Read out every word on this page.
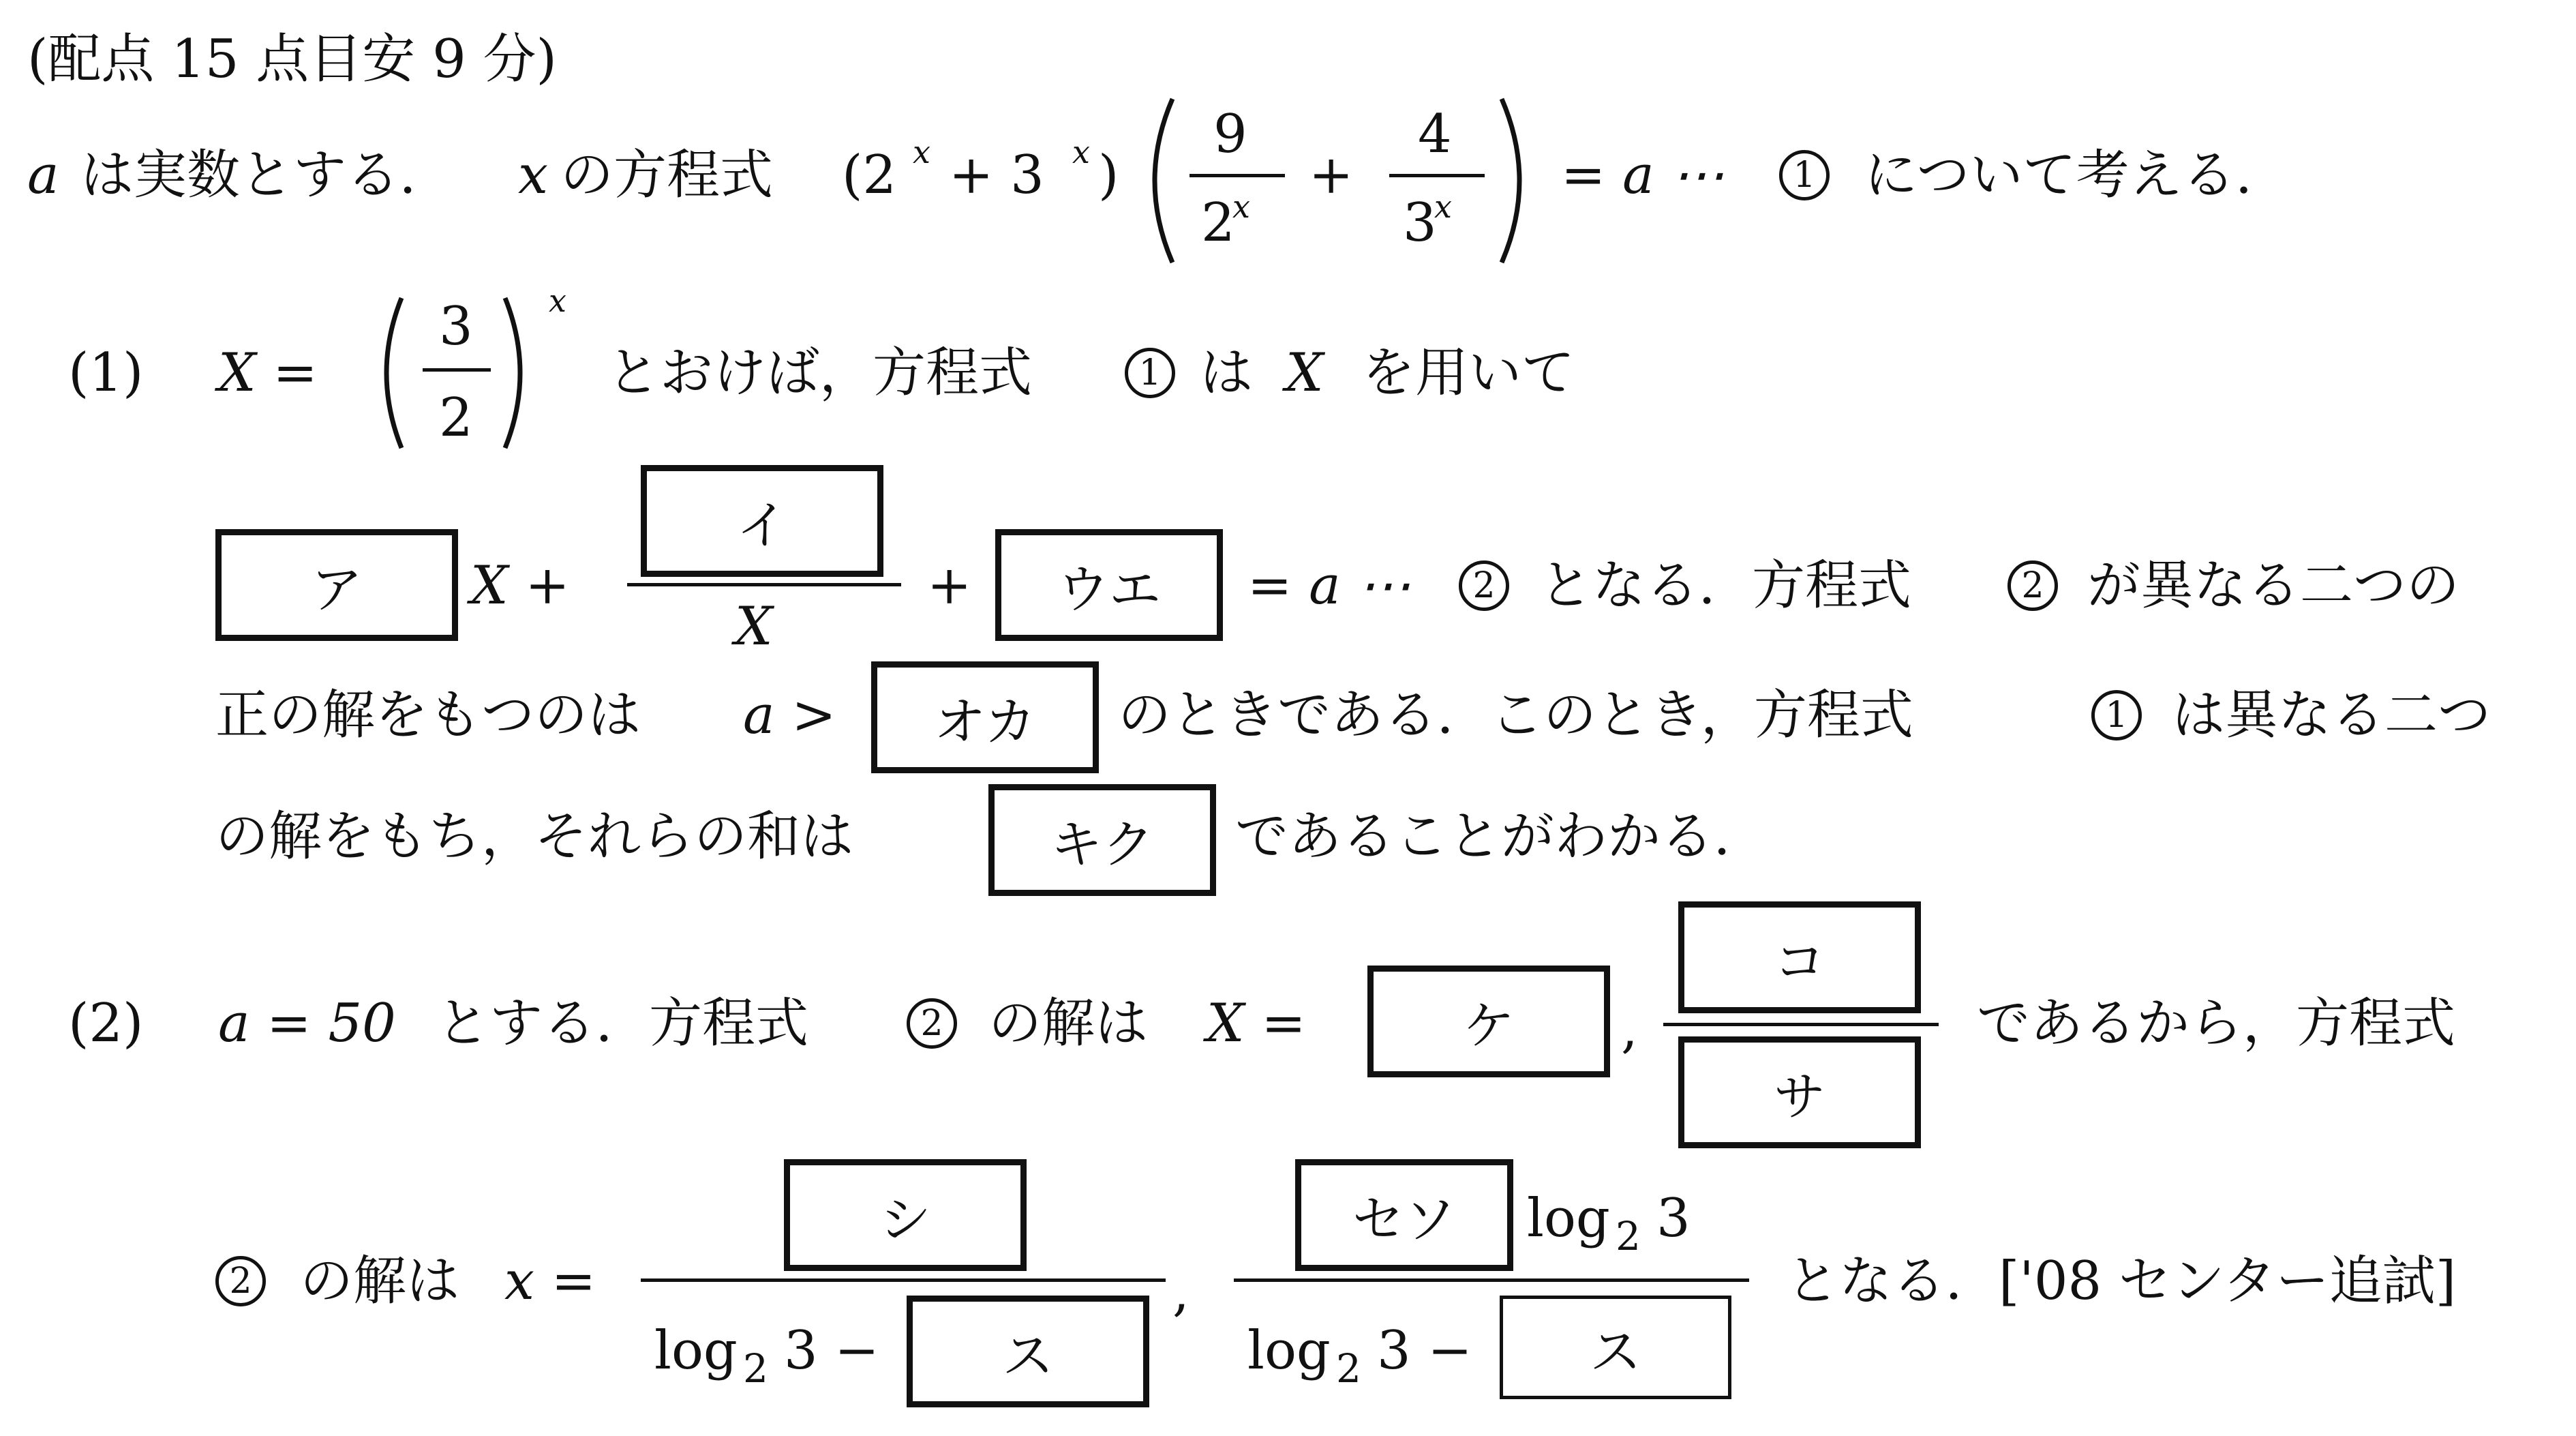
(配点 15 点目安 9 分)
a は実数とする． x の方程式 (2 x + 3 x )
9
2
x
+
4
3
x
= a ⋯	1 について考える．
(1) X =
3
2
x
とおけば，方程式	1 は X を用いて
ア	X +
イ
X
+	ウエ	= a ⋯	2 となる．方程式	2 が異なる二つの
正の解をもつのは a >	オカ	のときである．このとき，方程式	1 は異なる二つ
の解をもち，それらの和は	キク	であることがわかる．
(2) a = 50 とする．方程式	2 の解は X =	ケ	,
コ
サ
であるから，方程式
2 の解は x =
シ
log 2 3 −	ス
,
セソ	log 2 3
log 2 3 −	ス
となる．['08 センター追試]
